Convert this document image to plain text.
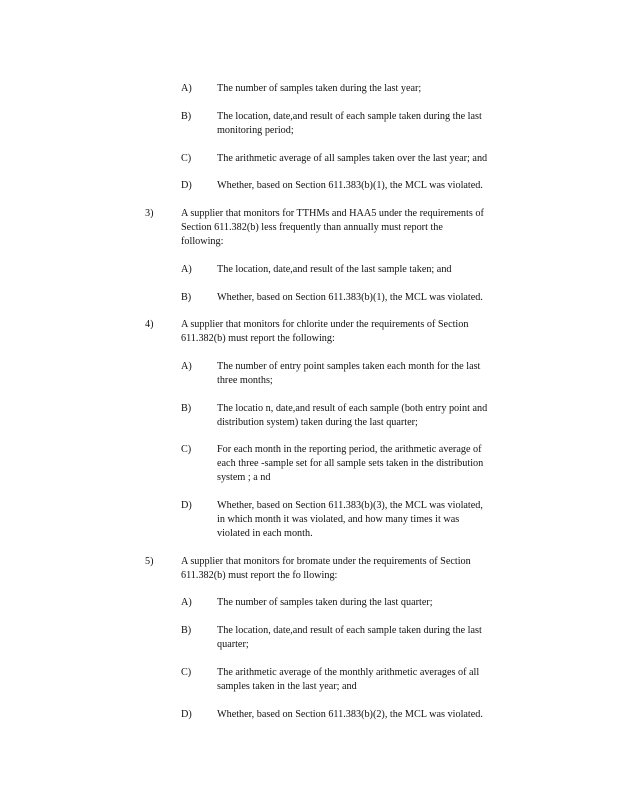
A) The number of samples taken during the last year;
B)	The location, date,and result of each sample taken during the last
monitoring period;
C)	The arithmetic average of all samples taken over the last year; and
D) Whether, based on Section 611.383(b)(1), the MCL was violated.
3)	A supplier that monitors for TTHMs and HAA5 under the requirements of
Section 611.382(b) less frequently than annually must report the
following:
A) The location, date,and result of the last sample taken; and
B)	Whether, based on Section 611.383(b)(1), the MCL was violated.
4)	A supplier that monitors for chlorite under the requirements of Section
611.382(b) must report the following:
A) The number of entry point samples taken each month for the last
three months;
B)	The locatio n, date,and result of each sample (both entry point and
distribution system) taken during the last quarter;
C)	For each month in the reporting period, the arithmetic average of
each three -sample set for all sample sets taken in the distribution
system ; a nd
D) Whether, based on Section 611.383(b)(3), the MCL was violated,
in which month it was violated, and how many times it was
violated in each month.
5)	A supplier that monitors for bromate under the requirements of Section
611.382(b) must report the fo llowing:
A) The number of samples taken during the last quarter;
B)	The location, date,and result of each sample taken during the last
quarter;
C)	The arithmetic average of the monthly arithmetic averages of all
samples taken in the last year; and
D) Whether, based on Section 611.383(b)(2), the MCL was violated.
